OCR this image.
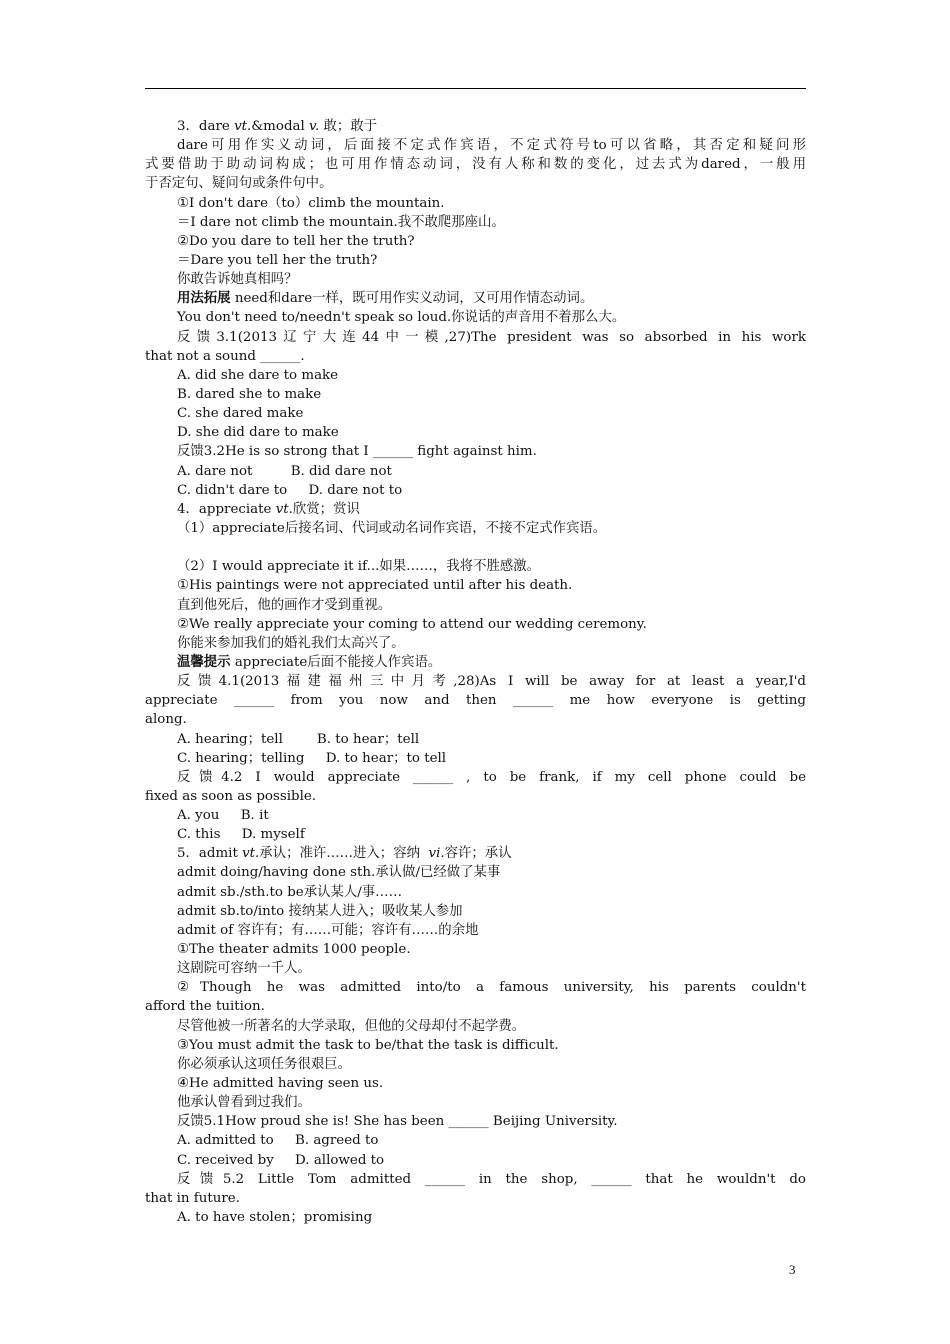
3．dare vt.&modal v. 敢；敢于
dare可用作实义动词，后面接不定式作宾语，不定式符号to可以省略，其否定和疑问形
式要借助于助动词构成；也可用作情态动词，没有人称和数的变化，过去式为dared，一般用
于否定句、疑问句或条件句中。
①I don't dare（to）climb the mountain.
＝I dare not climb the mountain.我不敢爬那座山。
②Do you dare to tell her the truth?
＝Dare you tell her the truth?
你敢告诉她真相吗？
用法拓展 need和dare一样，既可用作实义动词，又可用作情态动词。
You don't need to/needn't speak so loud.你说话的声音用不着那么大。
反馈3.1(2013辽宁大连44中一模,27)The president was so absorbed in his work
that not a sound ______.
A. did she dare to make
B. dared she to make
C. she dared make
D. she did dare to make
反馈3.2He is so strong that I ______ fight against him.
A. dare not         B. did dare not
C. didn't dare to     D. dare not to
4．appreciate vt.欣赏；赏识
（1）appreciate后接名词、代词或动名词作宾语，不接不定式作宾语。
（2）I would appreciate it if...如果……，我将不胜感激。
①His paintings were not appreciated until after his death.
直到他死后，他的画作才受到重视。
②We really appreciate your coming to attend our wedding ceremony.
你能来参加我们的婚礼我们太高兴了。
温馨提示 appreciate后面不能接人作宾语。
反馈4.1(2013福建福州三中月考,28)As I will be away for at least a year,I'd
appreciate ______ from you now and then ______ me how everyone is getting
along.
A. hearing；tell        B. to hear；tell
C. hearing；telling     D. to hear；to tell
反馈4.2 I would appreciate ______ , to be frank, if my cell phone could be
fixed as soon as possible.
A. you     B. it
C. this     D. myself
5．admit vt.承认；准许……进入；容纳  vi.容许；承认
admit doing/having done sth.承认做/已经做了某事
admit sb./sth.to be承认某人/事……
admit sb.to/into 接纳某人进入；吸收某人参加
admit of 容许有；有……可能；容许有……的余地
①The theater admits 1000 people.
这剧院可容纳一千人。
②Though he was admitted into/to a famous university, his parents couldn't
afford the tuition.
尽管他被一所著名的大学录取，但他的父母却付不起学费。
③You must admit the task to be/that the task is difficult.
你必须承认这项任务很艰巨。
④He admitted having seen us.
他承认曾看到过我们。
反馈5.1How proud she is! She has been ______ Beijing University.
A. admitted to     B. agreed to
C. received by     D. allowed to
反馈5.2 Little Tom admitted ______ in the shop, ______ that he wouldn't do
that in future.
A. to have stolen；promising
3
